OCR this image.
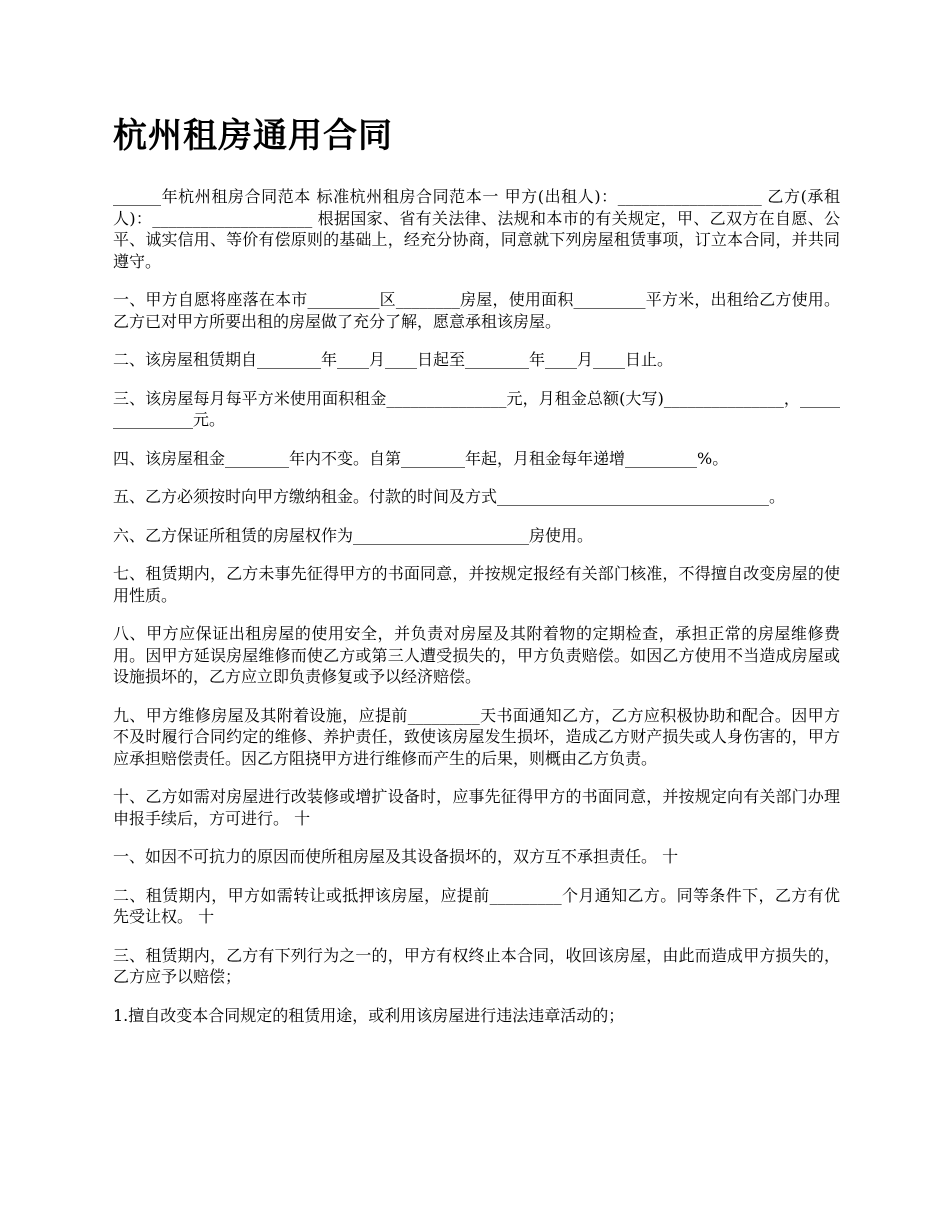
杭州租房通用合同

______年杭州租房合同范本 标准杭州租房合同范本一 甲方(出租人)：__________________ 乙方(承租人)：____________________ 根据国家、省有关法律、法规和本市的有关规定，甲、乙双方在自愿、公平、诚实信用、等价有偿原则的基础上，经充分协商，同意就下列房屋租赁事项，订立本合同，并共同遵守。

一、甲方自愿将座落在本市_________区________房屋，使用面积_________平方米，出租给乙方使用。乙方已对甲方所要出租的房屋做了充分了解，愿意承租该房屋。

二、该房屋租赁期自________年____月____日起至________年____月____日止。

三、该房屋每月每平方米使用面积租金_______________元，月租金总额(大写)_______________，_______________元。

四、该房屋租金________年内不变。自第________年起，月租金每年递增_________%。

五、乙方必须按时向甲方缴纳租金。付款的时间及方式__________________________________。

六、乙方保证所租赁的房屋权作为______________________房使用。

七、租赁期内，乙方未事先征得甲方的书面同意，并按规定报经有关部门核准，不得擅自改变房屋的使用性质。

八、甲方应保证出租房屋的使用安全，并负责对房屋及其附着物的定期检查，承担正常的房屋维修费用。因甲方延误房屋维修而使乙方或第三人遭受损失的，甲方负责赔偿。如因乙方使用不当造成房屋或设施损坏的，乙方应立即负责修复或予以经济赔偿。

九、甲方维修房屋及其附着设施，应提前_________天书面通知乙方，乙方应积极协助和配合。因甲方不及时履行合同约定的维修、养护责任，致使该房屋发生损坏，造成乙方财产损失或人身伤害的，甲方应承担赔偿责任。因乙方阻挠甲方进行维修而产生的后果，则概由乙方负责。

十、乙方如需对房屋进行改装修或增扩设备时，应事先征得甲方的书面同意，并按规定向有关部门办理申报手续后，方可进行。 十

一、如因不可抗力的原因而使所租房屋及其设备损坏的，双方互不承担责任。 十

二、租赁期内，甲方如需转让或抵押该房屋，应提前_________个月通知乙方。同等条件下，乙方有优先受让权。 十

三、租赁期内，乙方有下列行为之一的，甲方有权终止本合同，收回该房屋，由此而造成甲方损失的，乙方应予以赔偿；

1.擅自改变本合同规定的租赁用途，或利用该房屋进行违法违章活动的；
